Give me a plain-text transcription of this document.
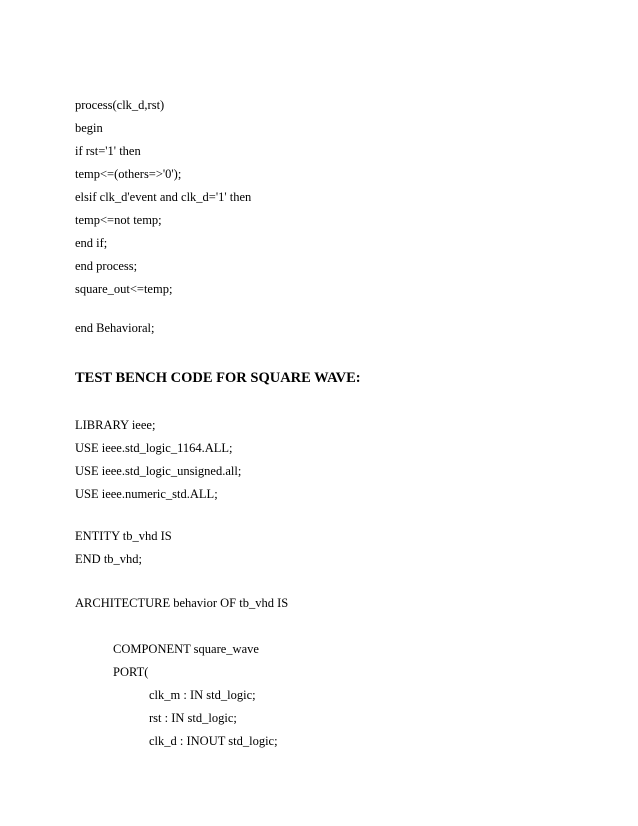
process(clk_d,rst)
begin
if rst='1' then
temp<=(others=>'0');
elsif clk_d'event and clk_d='1' then
temp<=not temp;
end if;
end process;
square_out<=temp;
end Behavioral;
TEST BENCH CODE FOR SQUARE WAVE:
LIBRARY ieee;
USE ieee.std_logic_1164.ALL;
USE ieee.std_logic_unsigned.all;
USE ieee.numeric_std.ALL;
ENTITY tb_vhd IS
END tb_vhd;
ARCHITECTURE behavior OF tb_vhd IS
COMPONENT square_wave
PORT(
clk_m : IN std_logic;
rst : IN std_logic;
clk_d : INOUT std_logic;
